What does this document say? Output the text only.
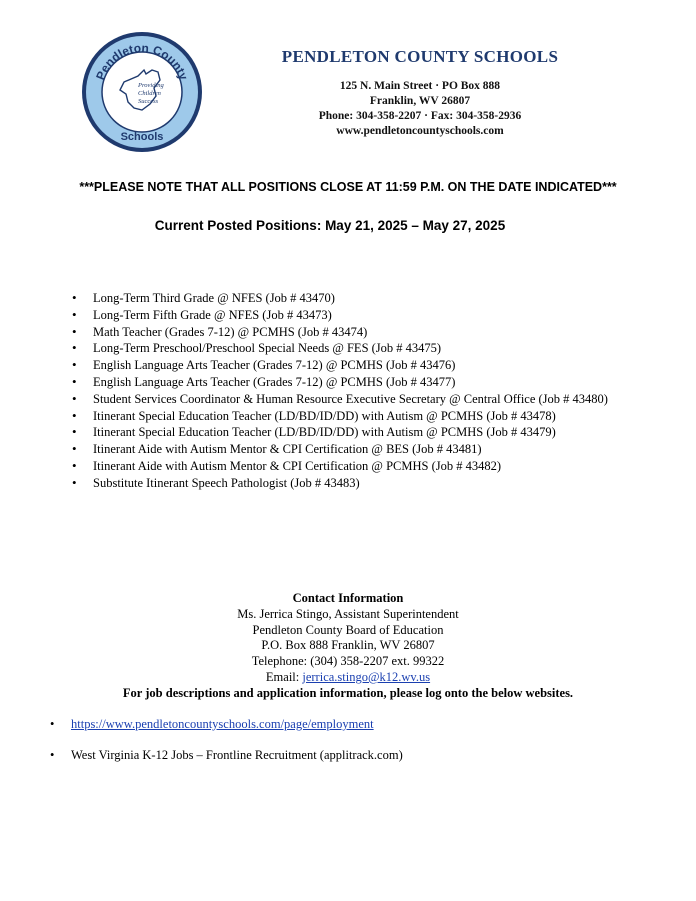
Pendleton County
Schools
Providing
Children
Success
PENDLETON COUNTY SCHOOLS
125 N. Main Street · PO Box 888
Franklin, WV 26807
Phone: 304-358-2207 · Fax: 304-358-2936
www.pendletoncountyschools.com
***PLEASE NOTE THAT ALL POSITIONS CLOSE AT 11:59 P.M. ON THE DATE INDICATED***
Current Posted Positions: May 21, 2025 – May 27, 2025
• Long-Term Third Grade @ NFES (Job # 43470)
• Long-Term Fifth Grade @ NFES (Job # 43473)
• Math Teacher (Grades 7-12) @ PCMHS (Job # 43474)
• Long-Term Preschool/Preschool Special Needs @ FES (Job # 43475)
• English Language Arts Teacher (Grades 7-12) @ PCMHS (Job # 43476)
• English Language Arts Teacher (Grades 7-12) @ PCMHS (Job # 43477)
• Student Services Coordinator & Human Resource Executive Secretary @ Central Office (Job # 43480)
• Itinerant Special Education Teacher (LD/BD/ID/DD) with Autism @ PCMHS (Job # 43478)
• Itinerant Special Education Teacher (LD/BD/ID/DD) with Autism @ PCMHS (Job # 43479)
• Itinerant Aide with Autism Mentor & CPI Certification @ BES (Job # 43481)
• Itinerant Aide with Autism Mentor & CPI Certification @ PCMHS (Job # 43482)
• Substitute Itinerant Speech Pathologist (Job # 43483)
Contact Information
Ms. Jerrica Stingo, Assistant Superintendent
Pendleton County Board of Education
P.O. Box 888 Franklin, WV 26807
Telephone: (304) 358-2207 ext. 99322
Email: jerrica.stingo@k12.wv.us
For job descriptions and application information, please log onto the below websites.
• https://www.pendletoncountyschools.com/page/employment
• West Virginia K-12 Jobs – Frontline Recruitment (applitrack.com)
